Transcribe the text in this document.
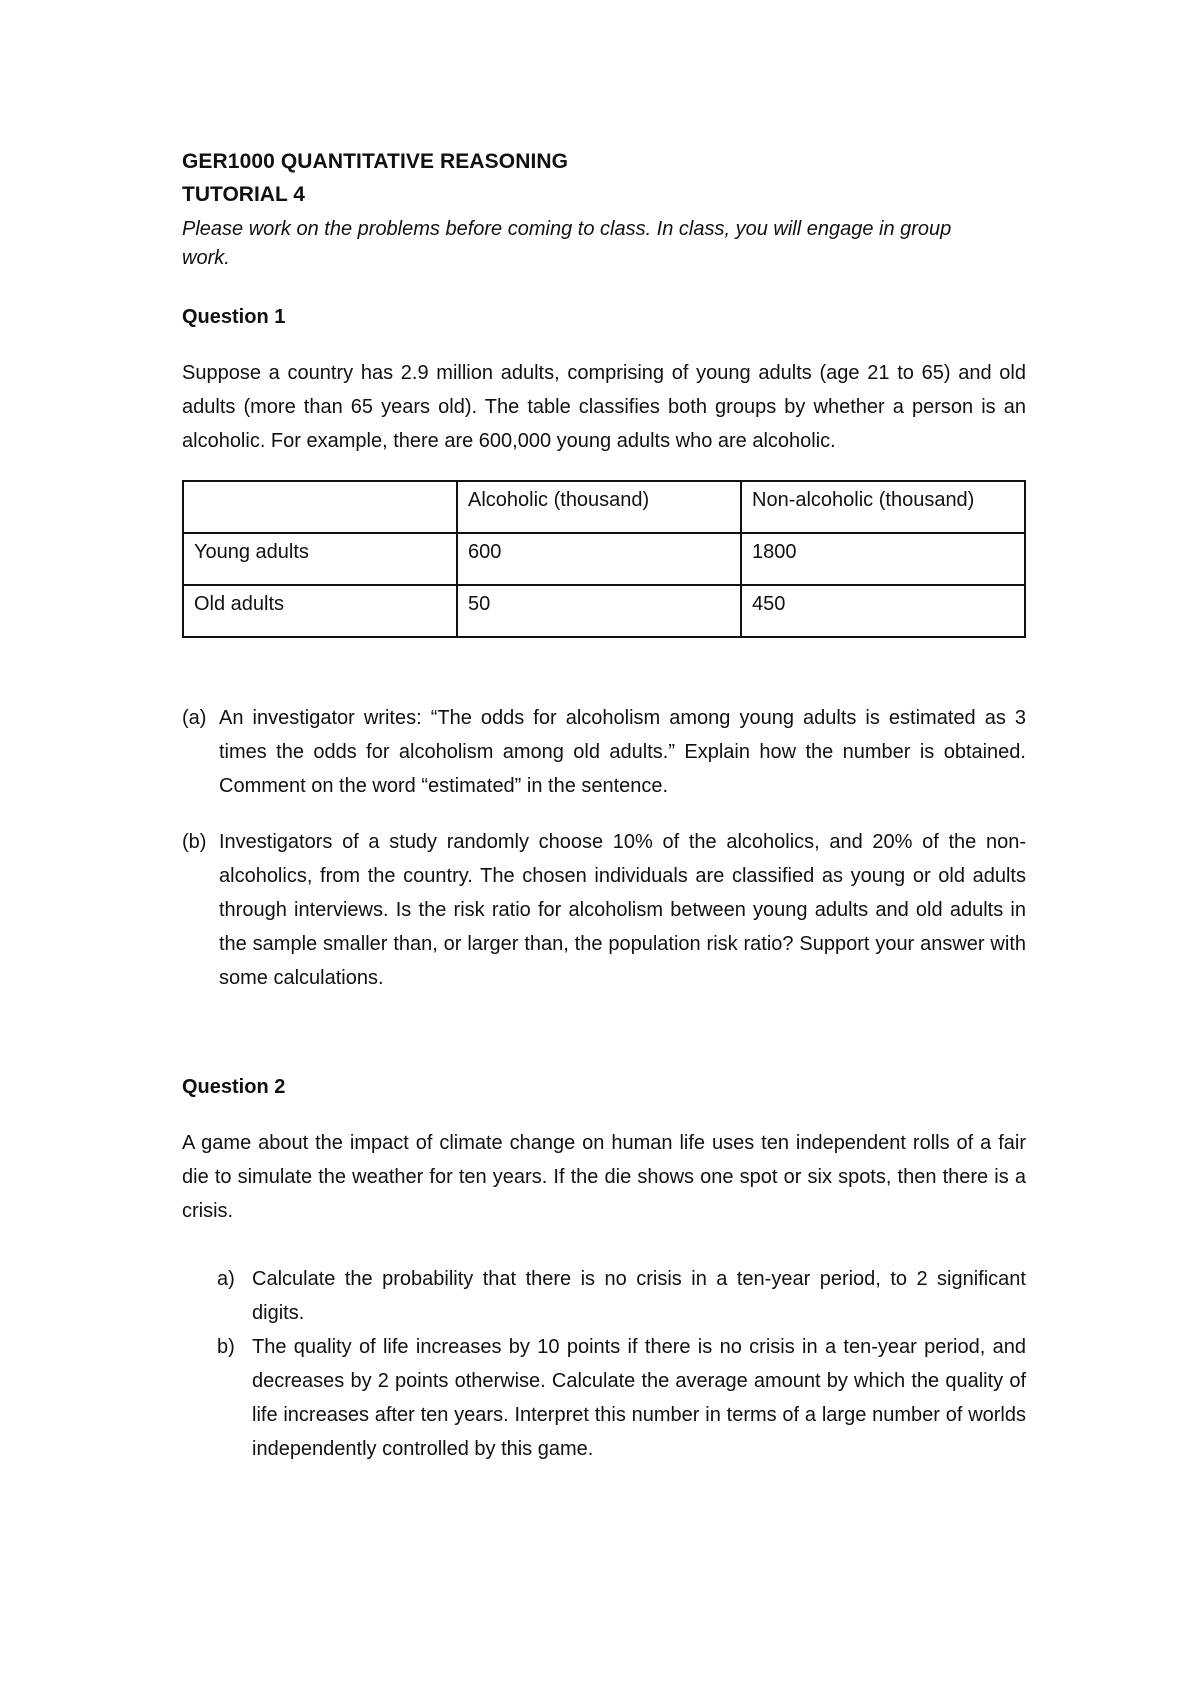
GER1000 QUANTITATIVE REASONING
TUTORIAL 4
Please work on the problems before coming to class. In class, you will engage in group work.
Question 1
Suppose a country has 2.9 million adults, comprising of young adults (age 21 to 65) and old adults (more than 65 years old). The table classifies both groups by whether a person is an alcoholic. For example, there are 600,000 young adults who are alcoholic.
	Alcoholic (thousand)	Non-alcoholic (thousand)
Young adults	600	1800
Old adults	50	450
(a) An investigator writes: “The odds for alcoholism among young adults is estimated as 3 times the odds for alcoholism among old adults.” Explain how the number is obtained. Comment on the word “estimated” in the sentence.
(b) Investigators of a study randomly choose 10% of the alcoholics, and 20% of the non-alcoholics, from the country. The chosen individuals are classified as young or old adults through interviews. Is the risk ratio for alcoholism between young adults and old adults in the sample smaller than, or larger than, the population risk ratio? Support your answer with some calculations.
Question 2
A game about the impact of climate change on human life uses ten independent rolls of a fair die to simulate the weather for ten years. If the die shows one spot or six spots, then there is a crisis.
a) Calculate the probability that there is no crisis in a ten-year period, to 2 significant digits.
b) The quality of life increases by 10 points if there is no crisis in a ten-year period, and decreases by 2 points otherwise. Calculate the average amount by which the quality of life increases after ten years. Interpret this number in terms of a large number of worlds independently controlled by this game.
